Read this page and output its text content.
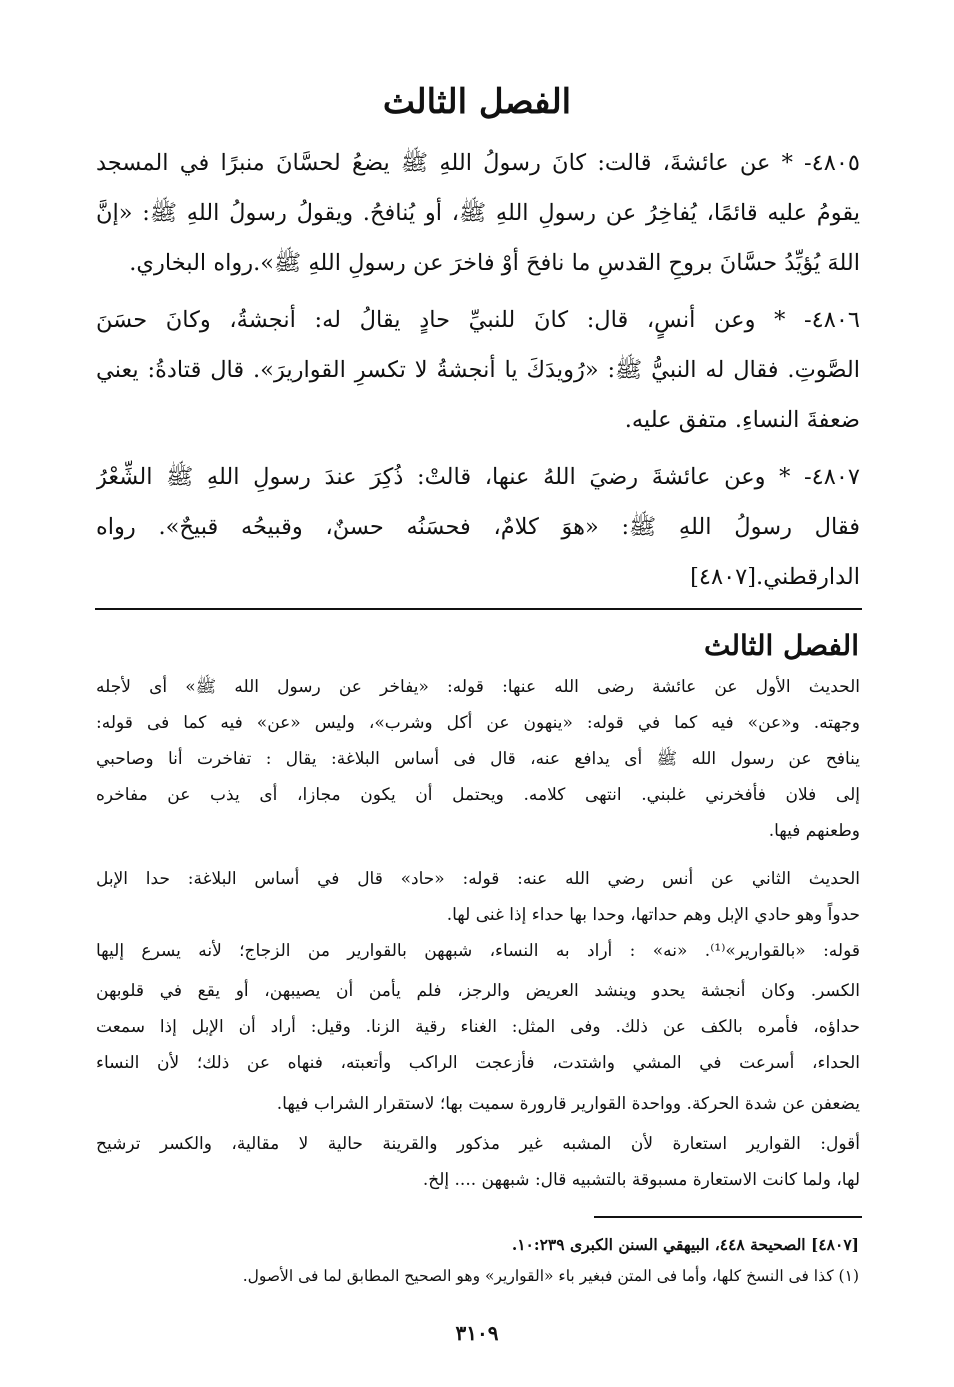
الفصل الثالث
٤٨٠٥- * عن عائشةَ، قالت: كانَ رسولُ اللهِ ﷺ يضعُ لحسَّانَ منبرًا في المسجد
يقومُ عليه قائمًا، يُفاخِرُ عن رسولِ اللهِ ﷺ، أو يُنافحُ. ويقولُ رسولُ اللهِ ﷺ: «إنَّ
اللهَ يُؤيِّدُ حسَّانَ بروحِ القدسِ ما نافحَ أوْ فاخرَ عن رسولِ اللهِ ﷺ».رواه البخاري.
٤٨٠٦- * وعن أنسٍ، قال: كانَ للنبيِّ حادٍ يقالُ له: أنجشةُ، وكانَ حسَنَ
الصَّوتِ. فقال له النبيُّ ﷺ: «رُويدَكَ يا أنجشةُ لا تكسرِ القواريرَ». قال قتادةُ: يعني
ضعفةَ النساءِ. متفق عليه.
٤٨٠٧- * وعن عائشةَ رضيَ اللهُ عنها، قالتْ: ذُكِرَ عندَ رسولِ اللهِ ﷺ الشِّعْرُ
فقال رسولُ اللهِ ﷺ: «هوَ كلامٌ، فحسَنُه حسنٌ، وقبيحُه قبيحٌ». رواه
الدارقطني.[٤٨٠٧]
الفصل الثالث
الحديث الأول عن عائشة رضى الله عنها: قوله: «يفاخر عن رسول الله ﷺ» أى لأجله
وجهته. و«عن» فيه كما في قوله: «ينهون عن أكل وشرب»، وليس «عن» فيه كما فى قوله:
ينافح عن رسول الله ﷺ أى يدافع عنه، قال فى أساس البلاغة: يقال : تفاخرت أنا وصاحبي
إلى فلان فأفخرني غلبني. انتهى كلامه. ويحتمل أن يكون مجازا، أى يذب عن مفاخره
وطعنهم فيها.
الحديث الثاني عن أنس رضي الله عنه: قوله: «حاد» قال في أساس البلاغة: حدا الإبل
حدواً وهو حادي الإبل وهم حداتها، وحدا بها حداء إذا غنى لها.
قوله: «بالقوارير»⁽¹⁾. «نه» : أراد به النساء، شبههن بالقوارير من الزجاج؛ لأنه يسرع إليها
الكسر. وكان أنجشة يحدو وينشد العريض والرجز، فلم يأمن أن يصيبهن، أو يقع في قلوبهن
حداؤه، فأمره بالكف عن ذلك. وفى المثل: الغناء رقية الزنا. وقيل: أراد أن الإبل إذا سمعت
الحداء، أسرعت في المشي واشتدت، فأزعجت الراكب وأتعبته، فنهاه عن ذلك؛ لأن النساء
يضعفن عن شدة الحركة. وواحدة القوارير قارورة سميت بها؛ لاستقرار الشراب فيها.
أقول: القوارير استعارة لأن المشبه غير مذكور والقرينة حالية لا مقالية، والكسر ترشيح
لها، ولما كانت الاستعارة مسبوقة بالتشبيه قال: شبههن .... إلخ.
[٤٨٠٧] الصحيحة ٤٤٨، البيهقي السنن الكبرى ١٠:٢٣٩.
(١) كذا فى النسخ كلها، وأما فى المتن فبغير باء «القوارير» وهو الصحيح المطابق لما فى الأصول.
٣١٠٩
